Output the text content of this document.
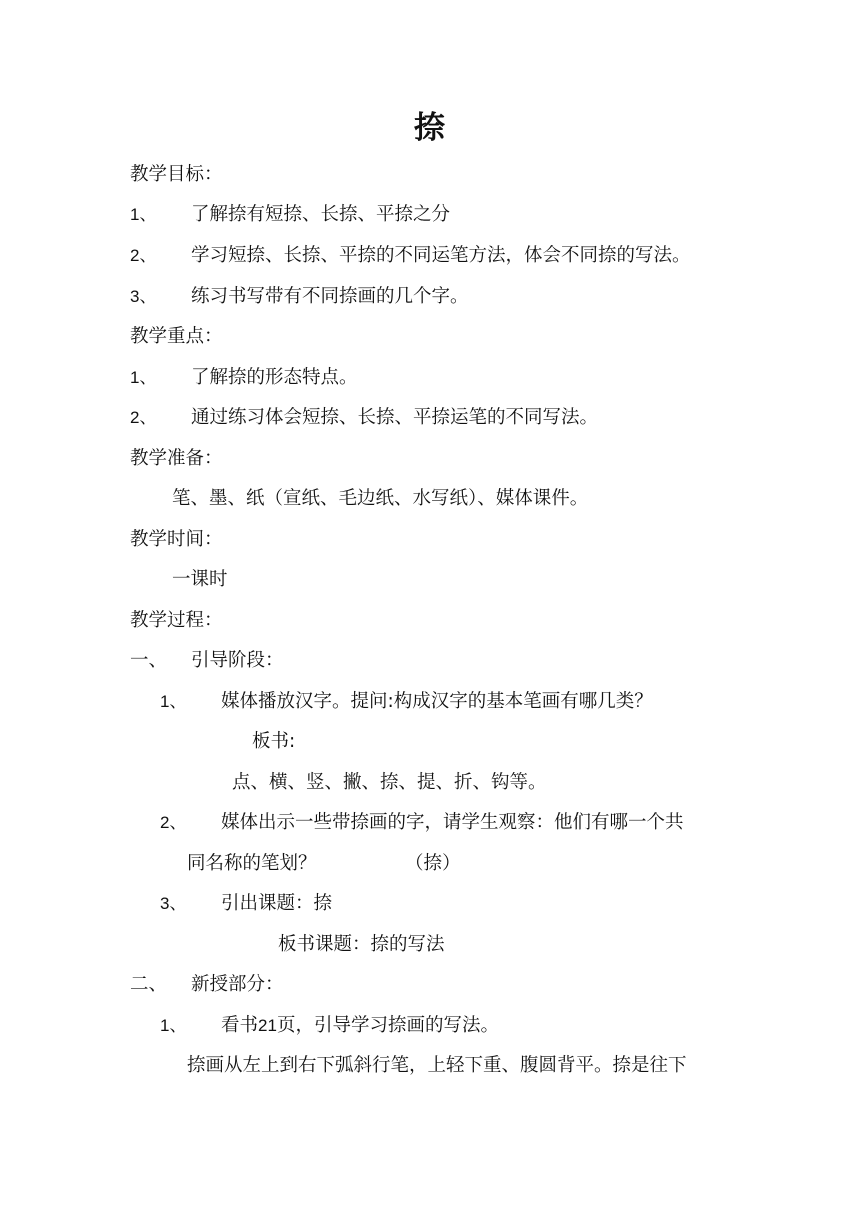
捺
教学目标：
1、 了解捺有短捺、长捺、平捺之分
2、 学习短捺、长捺、平捺的不同运笔方法，体会不同捺的写法。
3、 练习书写带有不同捺画的几个字。
教学重点：
1、 了解捺的形态特点。
2、 通过练习体会短捺、长捺、平捺运笔的不同写法。
教学准备：
笔、墨、纸（宣纸、毛边纸、水写纸）、媒体课件。
教学时间：
一课时
教学过程：
一、 引导阶段：
1、 媒体播放汉字。提问:构成汉字的基本笔画有哪几类？
板书:
点、横、竖、撇、捺、提、折、钩等。
2、 媒体出示一些带捺画的字，请学生观察：他们有哪一个共
同名称的笔划？	（捺）
3、 引出课题：捺
板书课题：捺的写法
二、 新授部分：
1、 看书21页，引导学习捺画的写法。
捺画从左上到右下弧斜行笔，上轻下重、腹圆背平。捺是往下
